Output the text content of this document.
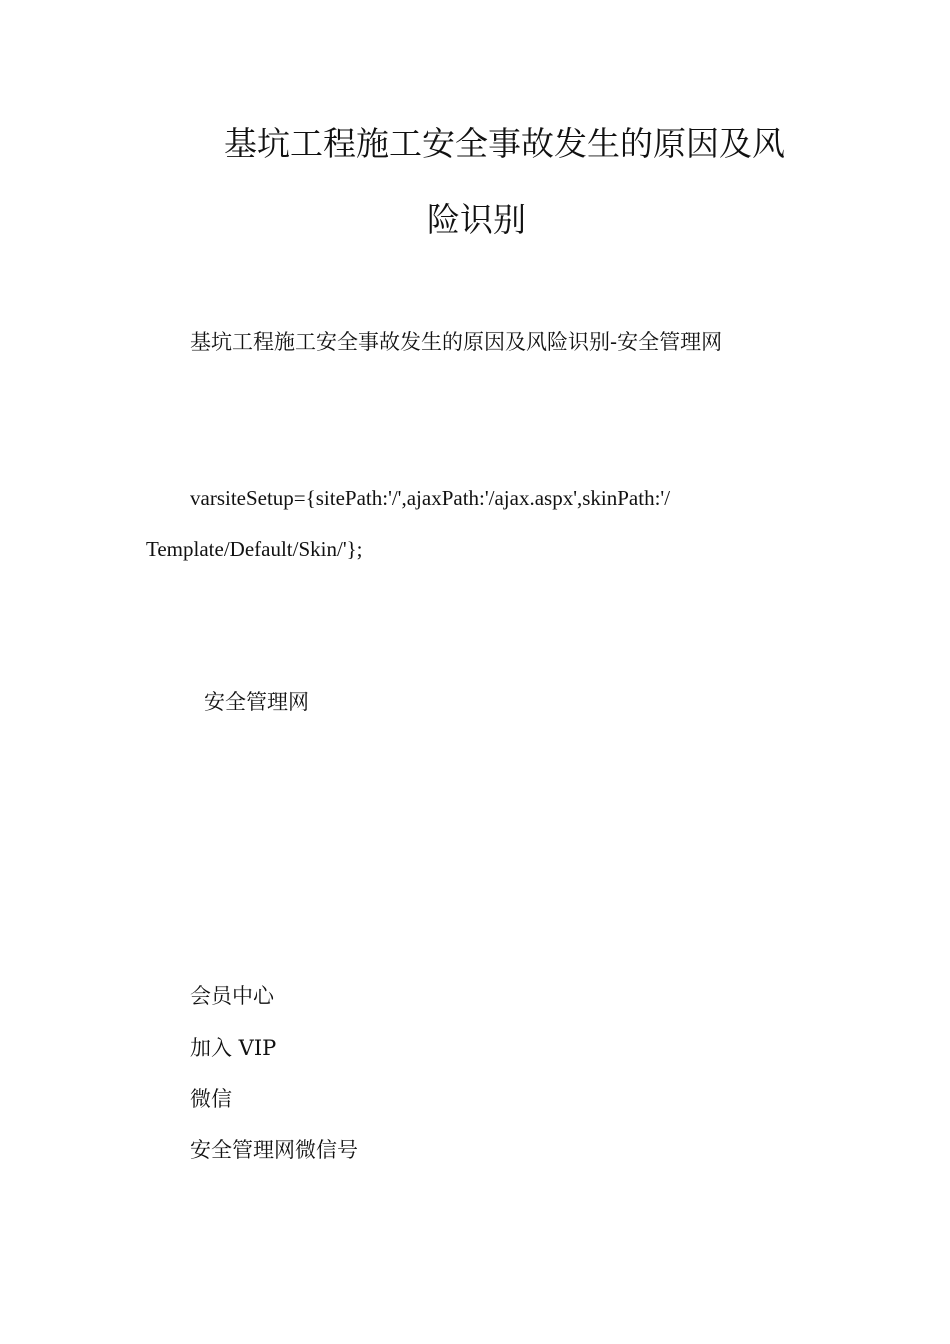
基坑工程施工安全事故发生的原因及风
险识别
基坑工程施工安全事故发生的原因及风险识别-安全管理网
varsiteSetup={sitePath:'/',ajaxPath:'/ajax.aspx',skinPath:'/
Template/Default/Skin/'};
安全管理网
会员中心
加入 VIP
微信
安全管理网微信号
